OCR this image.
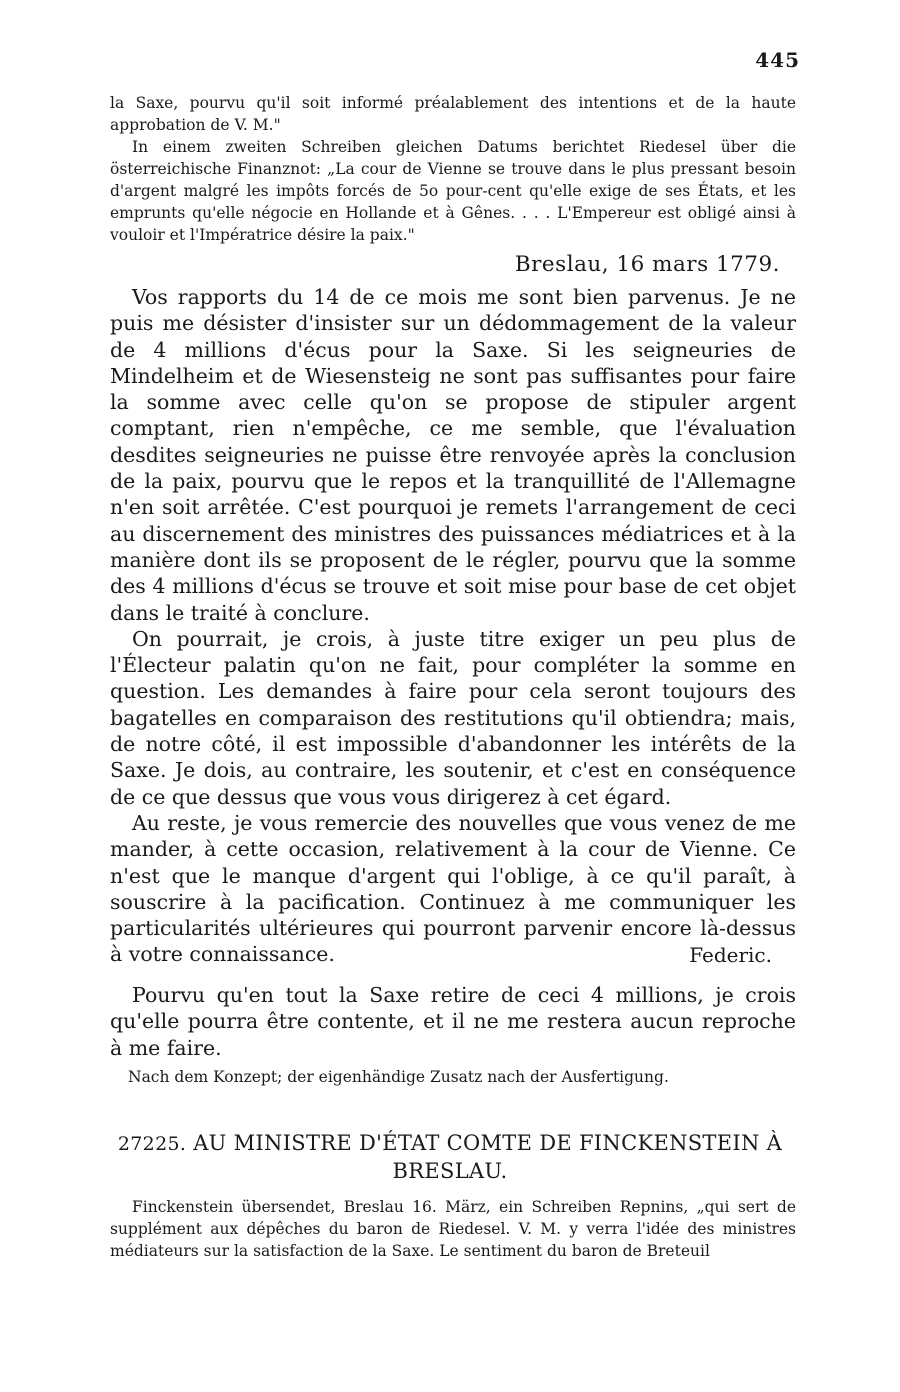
445

la Saxe, pourvu qu'il soit informé préalablement des intentions et de la haute approbation de V. M."

In einem zweiten Schreiben gleichen Datums berichtet Riedesel über die österreichische Finanznot: „La cour de Vienne se trouve dans le plus pressant besoin d'argent malgré les impôts forcés de 5o pour-cent qu'elle exige de ses États, et les emprunts qu'elle négocie en Hollande et à Gênes. . . . L'Empereur est obligé ainsi à vouloir et l'Impératrice désire la paix."

Breslau, 16 mars 1779.

Vos rapports du 14 de ce mois me sont bien parvenus. Je ne puis me désister d'insister sur un dédommagement de la valeur de 4 millions d'écus pour la Saxe. Si les seigneuries de Mindelheim et de Wiesensteig ne sont pas suffisantes pour faire la somme avec celle qu'on se propose de stipuler argent comptant, rien n'empêche, ce me semble, que l'évaluation desdites seigneuries ne puisse être renvoyée après la conclusion de la paix, pourvu que le repos et la tranquillité de l'Allemagne n'en soit arrêtée. C'est pourquoi je remets l'arrangement de ceci au discernement des ministres des puissances médiatrices et à la manière dont ils se proposent de le régler, pourvu que la somme des 4 millions d'écus se trouve et soit mise pour base de cet objet dans le traité à conclure.

On pourrait, je crois, à juste titre exiger un peu plus de l'Électeur palatin qu'on ne fait, pour compléter la somme en question. Les demandes à faire pour cela seront toujours des bagatelles en comparaison des restitutions qu'il obtiendra; mais, de notre côté, il est impossible d'abandonner les intérêts de la Saxe. Je dois, au contraire, les soutenir, et c'est en conséquence de ce que dessus que vous vous dirigerez à cet égard.

Au reste, je vous remercie des nouvelles que vous venez de me mander, à cette occasion, relativement à la cour de Vienne. Ce n'est que le manque d'argent qui l'oblige, à ce qu'il paraît, à souscrire à la pacification. Continuez à me communiquer les particularités ultérieures qui pourront parvenir encore là-dessus à votre connaissance.	Federic.

Pourvu qu'en tout la Saxe retire de ceci 4 millions, je crois qu'elle pourra être contente, et il ne me restera aucun reproche à me faire.

Nach dem Konzept; der eigenhändige Zusatz nach der Ausfertigung.
27225. AU MINISTRE D'ÉTAT COMTE DE FINCKENSTEIN À BRESLAU.

Finckenstein übersendet, Breslau 16. März, ein Schreiben Repnins, „qui sert de supplément aux dépêches du baron de Riedesel. V. M. y verra l'idée des ministres médiateurs sur la satisfaction de la Saxe. Le sentiment du baron de Breteuil
